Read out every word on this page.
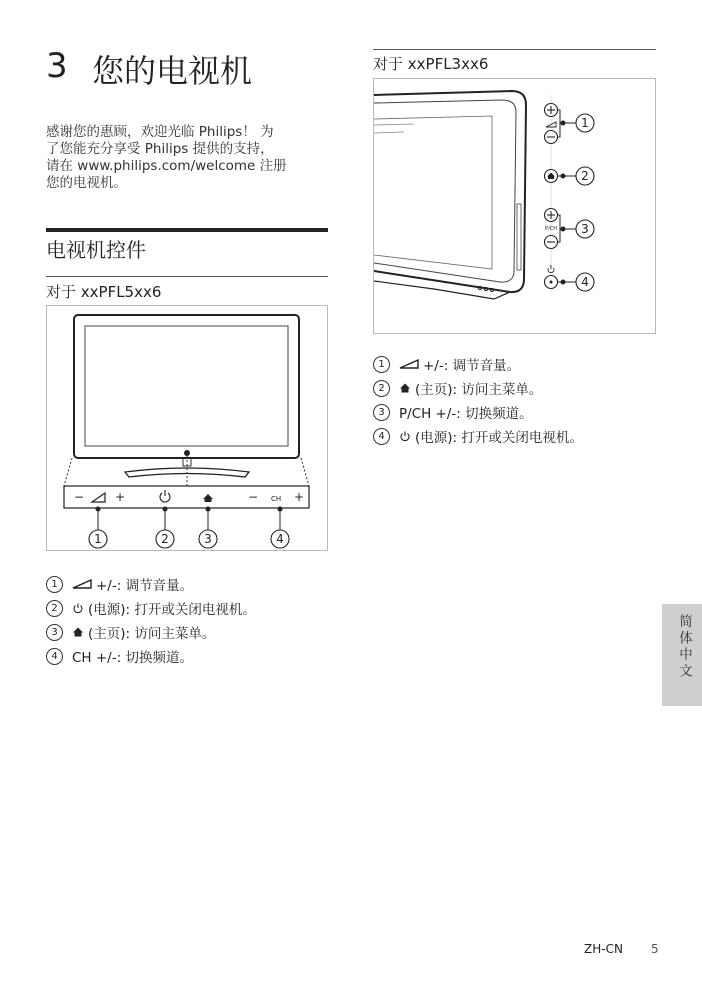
3 您的电视机
感谢您的惠顾，欢迎光临 Philips！ 为
了您能充分享受 Philips 提供的支持，
请在 www.philips.com/welcome 注册
您的电视机。
电视机控件
对于 xxPFL5xx6
−	+	− CH +
1	2	3	4
1	+/-: 调节音量。
2	(电源): 打开或关闭电视机。
3	(主页): 访问主菜单。
4	CH +/-: 切换频道。
对于 xxPFL3xx6
P/CH
1
2
3
4
1	+/-: 调节音量。
2	(主页): 访问主菜单。
3	P/CH +/-: 切换频道。
4	(电源): 打开或关闭电视机。
简体中文
ZH-CN 5
